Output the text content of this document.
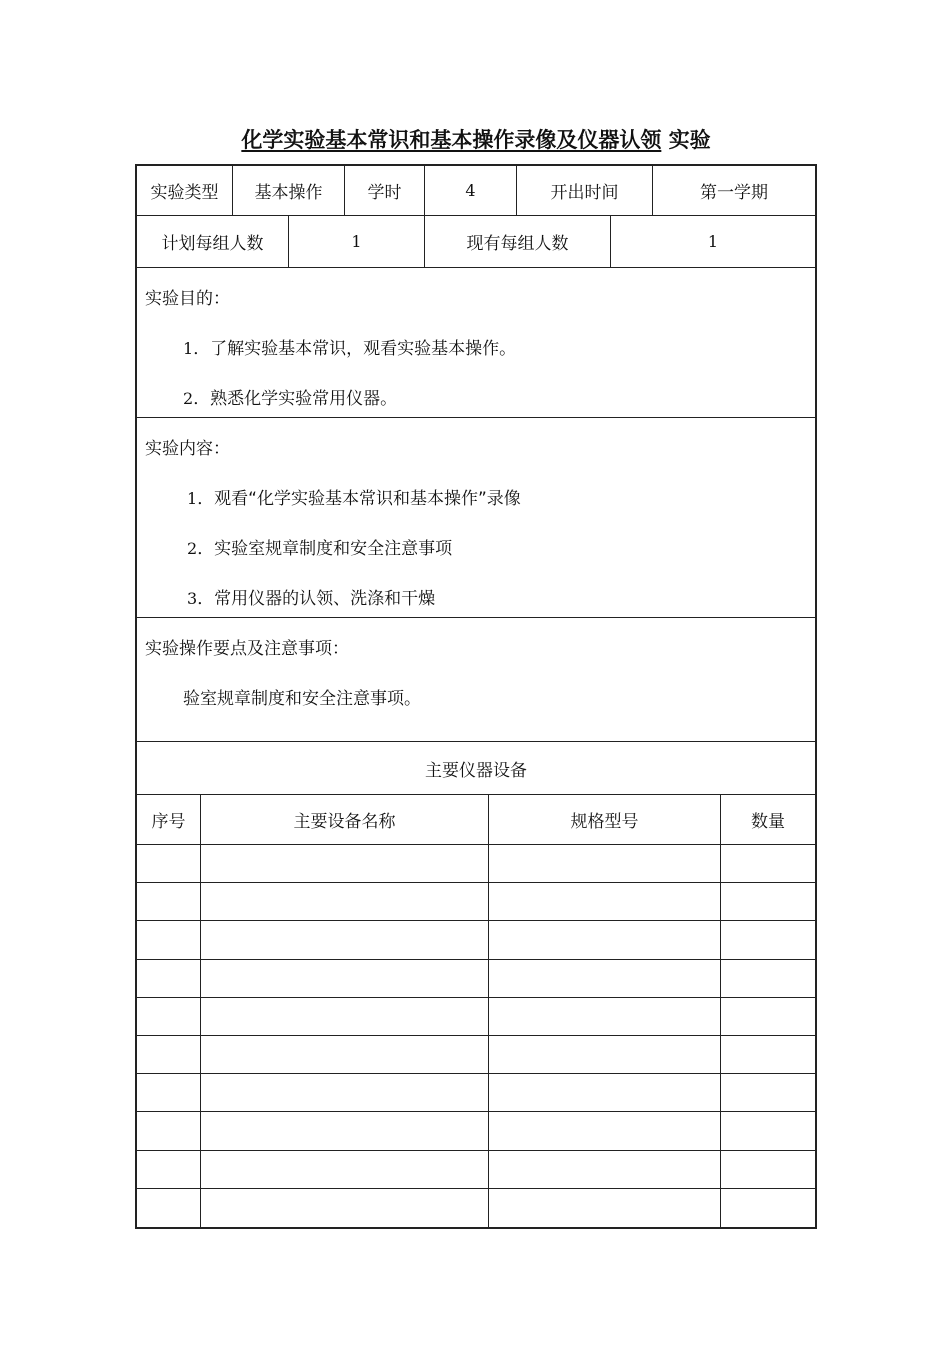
化学实验基本常识和基本操作录像及仪器认领 实验
实验类型	基本操作	学时	4	开出时间	第一学期
计划每组人数	1	现有每组人数	1
实验目的：
1．了解实验基本常识，观看实验基本操作。
2．熟悉化学实验常用仪器。
实验内容：
1．观看“化学实验基本常识和基本操作”录像
2．实验室规章制度和安全注意事项
3．常用仪器的认领、洗涤和干燥
实验操作要点及注意事项：
验室规章制度和安全注意事项。
主要仪器设备
序号	主要设备名称	规格型号	数量
